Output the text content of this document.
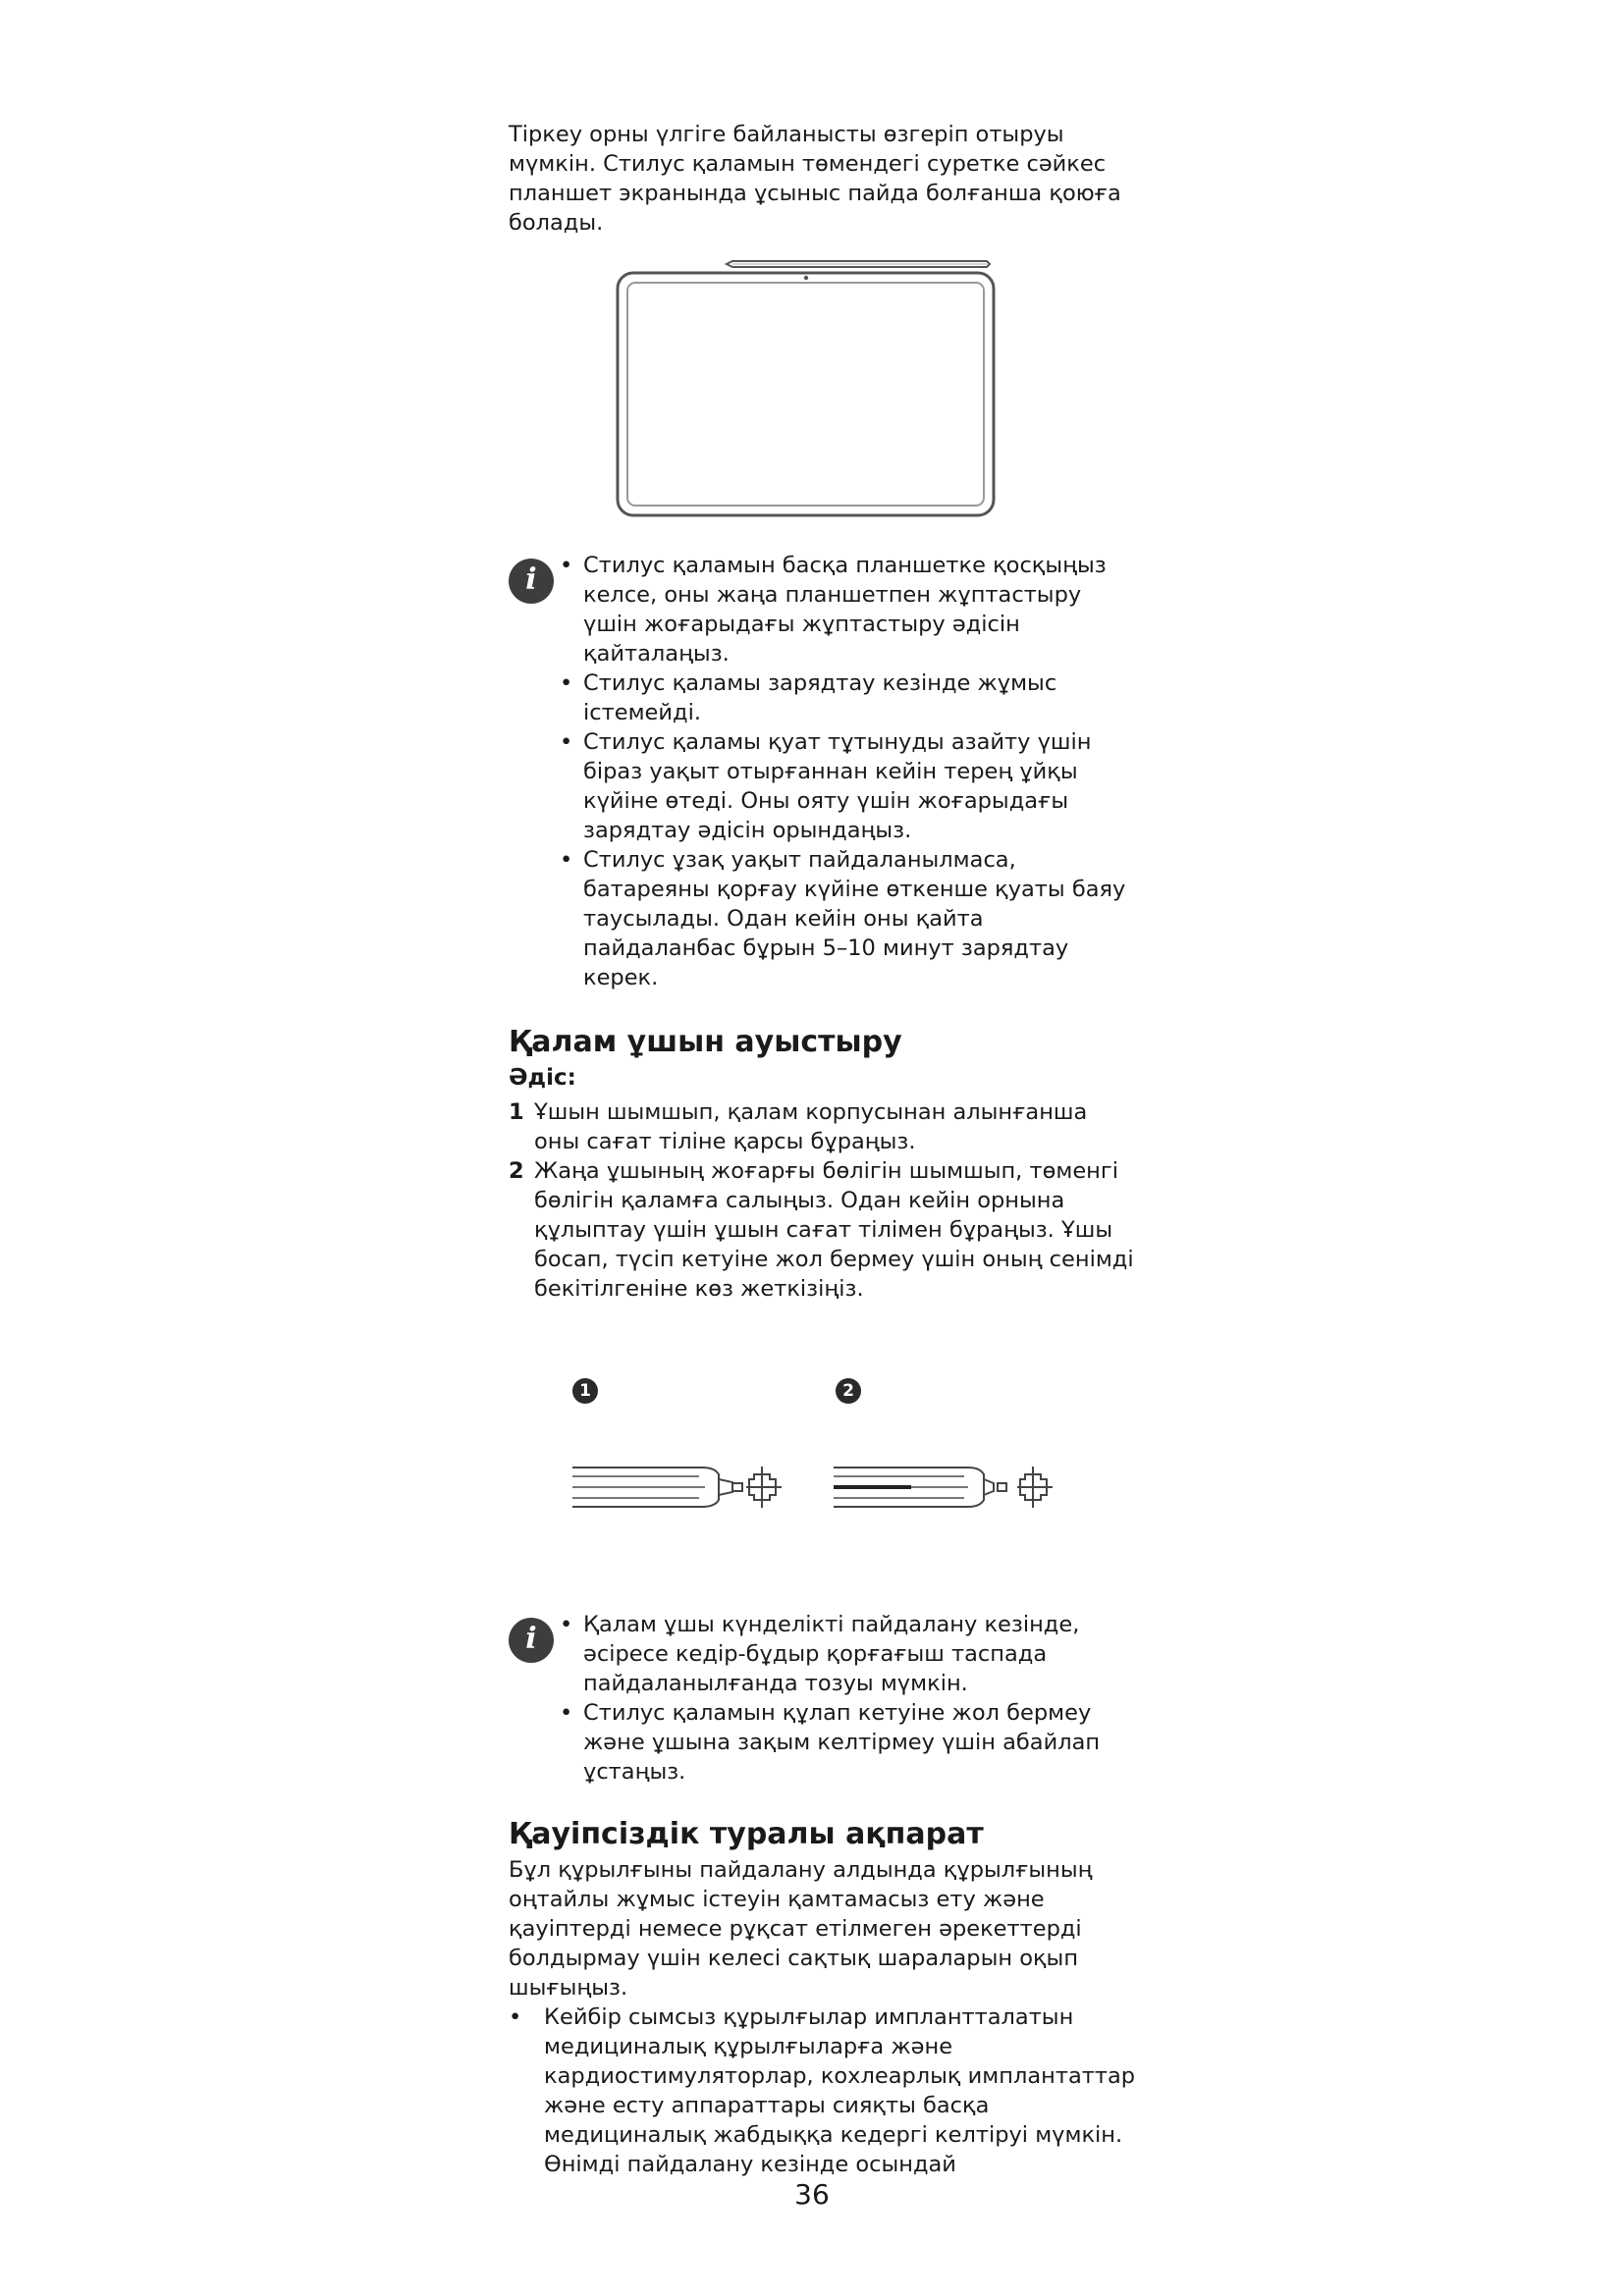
Тіркеу орны үлгіге байланысты өзгеріп отыруы мүмкін. Стилус қаламын төмендегі суретке сәйкес планшет экранында ұсыныс пайда болғанша қоюға болады.

i	• Стилус қаламын басқа планшетке қосқыңыз келсе, оны жаңа планшетпен жұптастыру үшін жоғарыдағы жұптастыру әдісін қайталаңыз.

• Стилус қаламы зарядтау кезінде жұмыс істемейді.

• Стилус қаламы қуат тұтынуды азайту үшін біраз уақыт отырғаннан кейін терең ұйқы күйіне өтеді. Оны ояту үшін жоғарыдағы зарядтау әдісін орындаңыз.

• Стилус ұзақ уақыт пайдаланылмаса, батареяны қорғау күйіне өткенше қуаты баяу таусылады. Одан кейін оны қайта пайдаланбас бұрын 5–10 минут зарядтау керек.

Қалам ұшын ауыстыру
Әдіс:

1 Ұшын шымшып, қалам корпусынан алынғанша оны сағат тіліне қарсы бұраңыз.

2 Жаңа ұшының жоғарғы бөлігін шымшып, төменгі бөлігін қаламға салыңыз. Одан кейін орнына құлыптау үшін ұшын сағат тілімен бұраңыз. Ұшы босап, түсіп кетуіне жол бермеу үшін оның сенімді бекітілгеніне көз жеткізіңіз.

1	2
i	• Қалам ұшы күнделікті пайдалану кезінде, әсіресе кедір-бұдыр қорғағыш таспада пайдаланылғанда тозуы мүмкін.

• Стилус қаламын құлап кетуіне жол бермеу және ұшына зақым келтірмеу үшін абайлап ұстаңыз.

Қауіпсіздік туралы ақпарат

Бұл құрылғыны пайдалану алдында құрылғының оңтайлы жұмыс істеуін қамтамасыз ету және қауіптерді немесе рұқсат етілмеген әрекеттерді болдырмау үшін келесі сақтық шараларын оқып шығыңыз.

• Кейбір сымсыз құрылғылар имплантталатын медициналық құрылғыларға және кардиостимуляторлар, кохлеарлық имплантаттар және есту аппараттары сияқты басқа медициналық жабдыққа кедергі келтіруі мүмкін. Өнімді пайдалану кезінде осындай

36
